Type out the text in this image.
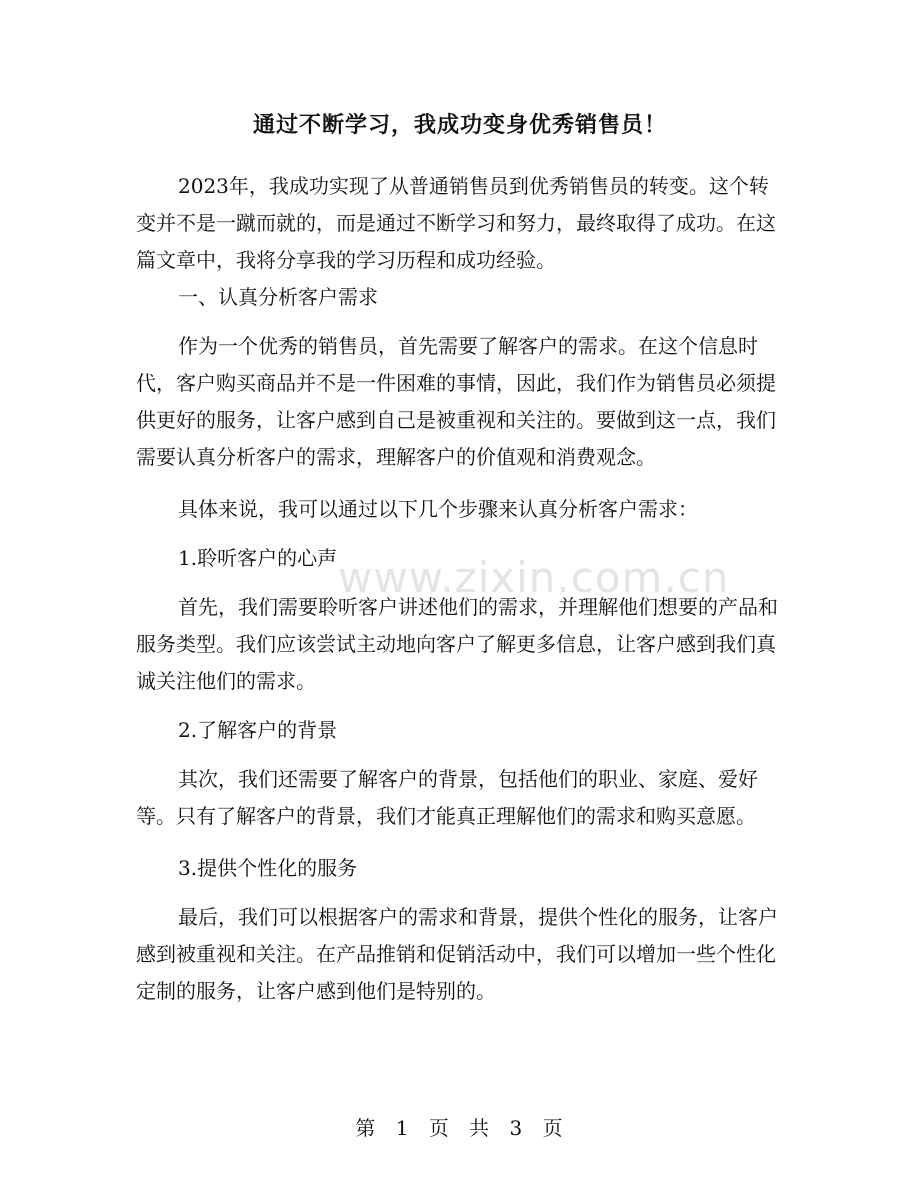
通过不断学习，我成功变身优秀销售员！

2023年，我成功实现了从普通销售员到优秀销售员的转变。这个转变并不是一蹴而就的，而是通过不断学习和努力，最终取得了成功。在这篇文章中，我将分享我的学习历程和成功经验。

一、认真分析客户需求

作为一个优秀的销售员，首先需要了解客户的需求。在这个信息时代，客户购买商品并不是一件困难的事情，因此，我们作为销售员必须提供更好的服务，让客户感到自己是被重视和关注的。要做到这一点，我们需要认真分析客户的需求，理解客户的价值观和消费观念。

具体来说，我可以通过以下几个步骤来认真分析客户需求：

1.聆听客户的心声

首先，我们需要聆听客户讲述他们的需求，并理解他们想要的产品和服务类型。我们应该尝试主动地向客户了解更多信息，让客户感到我们真诚关注他们的需求。

2.了解客户的背景

其次，我们还需要了解客户的背景，包括他们的职业、家庭、爱好等。只有了解客户的背景，我们才能真正理解他们的需求和购买意愿。

3.提供个性化的服务

最后，我们可以根据客户的需求和背景，提供个性化的服务，让客户感到被重视和关注。在产品推销和促销活动中，我们可以增加一些个性化定制的服务，让客户感到他们是特别的。

www.zixin.com.cn
第 1 页 共 3 页
